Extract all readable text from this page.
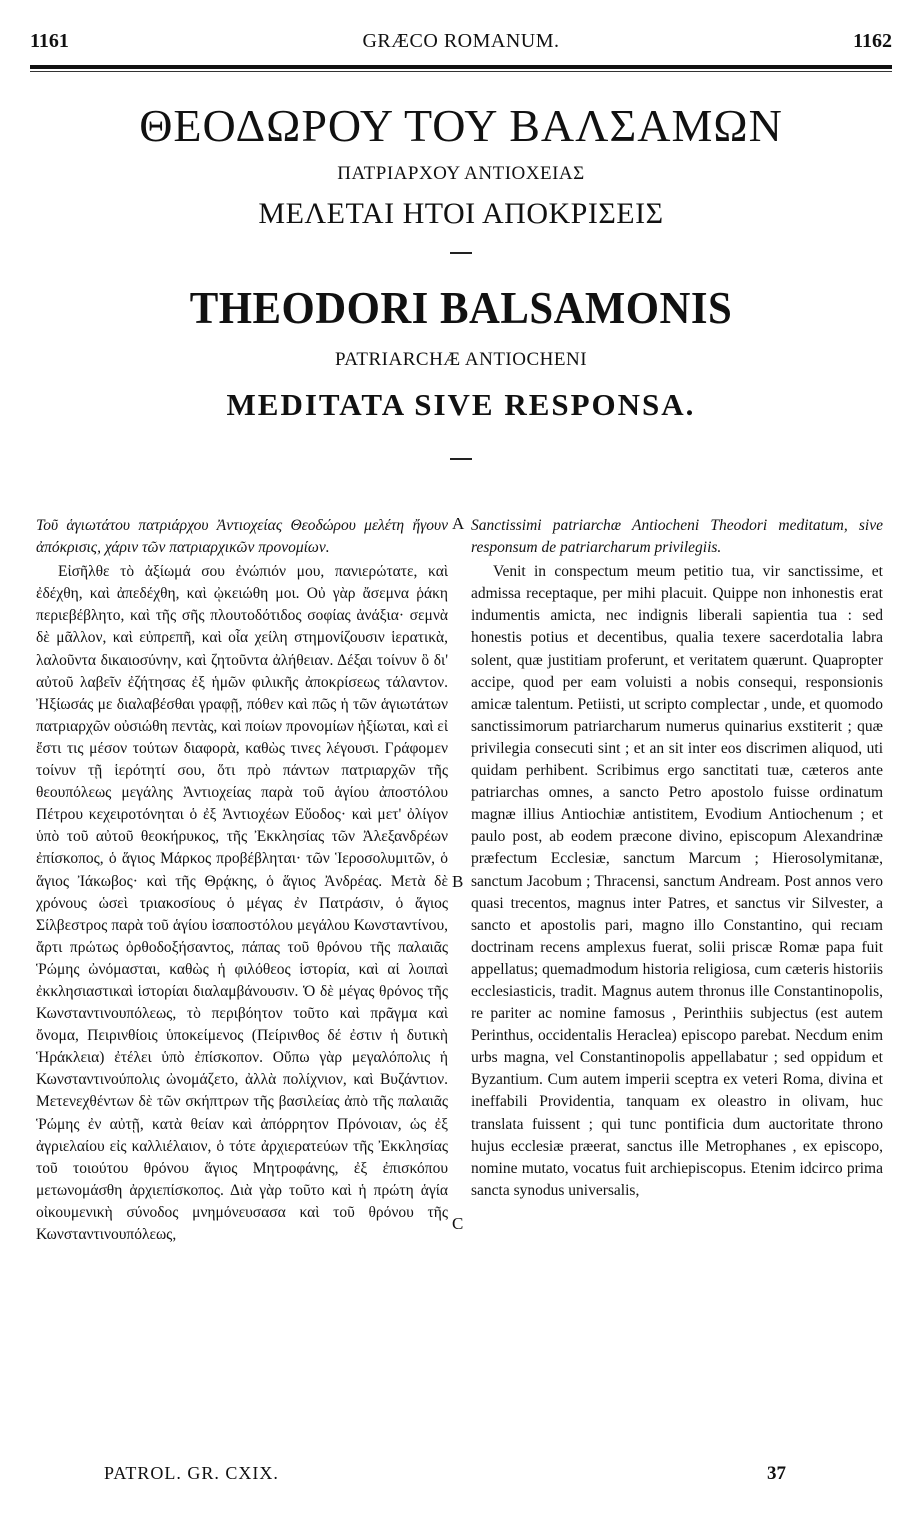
1161	GRÆCO ROMANUM.	1162
ΘΕΟΔΩΡΟΥ ΤΟΥ ΒΑΛΣΑΜΩΝ
ΠΑΤΡΙΑΡΧΟΥ ΑΝΤΙΟΧΕΙΑΣ
ΜΕΛΕΤΑΙ ΗΤΟΙ ΑΠΟΚΡΙΣΕΙΣ
THEODORI BALSAMONIS
PATRIARCHÆ ANTIOCHENI
MEDITATA SIVE RESPONSA.
Τοῦ ἁγιωτάτου πατριάρχου Ἀντιοχείας Θεοδώρου μελέτη ἤγουν ἀπόκρισις, χάριν τῶν πατριαρχικῶν προνομίων.

Εἰσῆλθε τὸ ἀξίωμά σου ἐνώπιόν μου, πανιερώτατε, καὶ ἐδέχθη, καὶ ἀπεδέχθη, καὶ ᾠκειώθη μοι. Οὐ γὰρ ἄσεμνα ῥάκη περιεβέβλητο, καὶ τῆς σῆς πλουτοδότιδος σοφίας ἀνάξια· σεμνὰ δὲ μᾶλλον, καὶ εὐπρεπῆ, καὶ οἷα χείλη στημονίζουσιν ἱερατικὰ, λαλοῦντα δικαιοσύνην, καὶ ζητοῦντα ἀλήθειαν. Δέξαι τοίνυν ὃ δι' αὐτοῦ λαβεῖν ἐζήτησας ἐξ ἡμῶν φιλικῆς ἀποκρίσεως τάλαντον. Ἠξίωσάς με διαλαβέσθαι γραφῇ, πόθεν καὶ πῶς ἡ τῶν ἁγιωτάτων πατριαρχῶν οὐσιώθη πεντὰς, καὶ ποίων προνομίων ἠξίωται, καὶ εἰ ἔστι τις μέσον τούτων διαφορὰ, καθὼς τινες λέγουσι. Γράφομεν τοίνυν τῇ ἱερότητί σου, ὅτι πρὸ πάντων πατριαρχῶν τῆς θεουπόλεως μεγάλης Ἀντιοχείας παρὰ τοῦ ἁγίου ἀποστόλου Πέτρου κεχειροτόνηται ὁ ἐξ Ἀντιοχέων Εὔοδος· καὶ μετ' ὀλίγον ὑπὸ τοῦ αὐτοῦ θεοκήρυκος, τῆς Ἐκκλησίας τῶν Ἀλεξανδρέων ἐπίσκοπος, ὁ ἅγιος Μάρκος προβέβληται· τῶν Ἱεροσολυμιτῶν, ὁ ἅγιος Ἰάκωβος· καὶ τῆς Θρᾴκης, ὁ ἅγιος Ἀνδρέας. Μετὰ δὲ χρόνους ὡσεὶ τριακοσίους ὁ μέγας ἐν Πατράσιν, ὁ ἅγιος Σίλβεστρος παρὰ τοῦ ἁγίου ἰσαποστόλου μεγάλου Κωνσταντίνου, ἄρτι πρώτως ὀρθοδοξήσαντος, πάπας τοῦ θρόνου τῆς παλαιᾶς Ῥώμης ὠνόμασται, καθὼς ἡ φιλόθεος ἱστορία, καὶ αἱ λοιπαὶ ἐκκλησιαστικαὶ ἱστορίαι διαλαμβάνουσιν. Ὁ δὲ μέγας θρόνος τῆς Κωνσταντινουπόλεως, τὸ περιβόητον τοῦτο καὶ πρᾶγμα καὶ ὄνομα, Πειρινθίοις ὑποκείμενος (Πείρινθος δέ ἐστιν ἡ δυτικὴ Ἡράκλεια) ἐτέλει ὑπὸ ἐπίσκοπον. Οὔπω γὰρ μεγαλόπολις ἡ Κωνσταντινούπολις ὠνομάζετο, ἀλλὰ πολίχνιον, καὶ Βυζάντιον. Μετενεχθέντων δὲ τῶν σκήπτρων τῆς βασιλείας ἀπὸ τῆς παλαιᾶς Ῥώμης ἐν αὐτῇ, κατὰ θείαν καὶ ἀπόρρητον Πρόνοιαν, ὡς ἐξ ἀγριελαίου εἰς καλλιέλαιον, ὁ τότε ἀρχιερατεύων τῆς Ἐκκλησίας τοῦ τοιούτου θρόνου ἅγιος Μητροφάνης, ἐξ ἐπισκόπου μετωνομάσθη ἀρχιεπίσκοπος. Διὰ γὰρ τοῦτο καὶ ἡ πρώτη ἁγία οἰκουμενικὴ σύνοδος μνημόνευσασα καὶ τοῦ θρόνου τῆς Κωνσταντινουπόλεως,

Sanctissimi patriarchæ Antiocheni Theodori meditatum, sive responsum de patriarcharum privilegiis.

Venit in conspectum meum petitio tua, vir sanctissime, et admissa receptaque, per mihi placuit. Quippe non inhonestis erat indumentis amicta, nec indignis liberali sapientia tua : sed honestis potius et decentibus, qualia texere sacerdotalia labra solent, quæ justitiam proferunt, et veritatem quærunt. Quapropter accipe, quod per eam voluisti a nobis consequi, responsionis amicæ talentum. Petiisti, ut scripto complectar , unde, et quomodo sanctissimorum patriarcharum numerus quinarius exstiterit ; quæ privilegia consecuti sint ; et an sit inter eos discrimen aliquod, uti quidam perhibent. Scribimus ergo sanctitati tuæ, cæteros ante patriarchas omnes, a sancto Petro apostolo fuisse ordinatum magnæ illius Antiochiæ antistitem, Evodium Antiochenum ; et paulo post, ab eodem præcone divino, episcopum Alexandrinæ præfectum Ecclesiæ, sanctum Marcum ; Hierosolymitanæ, sanctum Jacobum ; Thracensi, sanctum Andream. Post annos vero quasi trecentos, magnus inter Patres, et sanctus vir Silvester, a sancto et apostolis pari, magno illo Constantino, qui recıam doctrinam recens amplexus fuerat, solii priscæ Romæ papa fuit appellatus; quemadmodum historia religiosa, cum cæteris historiis ecclesiasticis, tradit. Magnus autem thronus ille Constantinopolis, re pariter ac nomine famosus , Perinthiis subjectus (est autem Perinthus, occidentalis Heraclea) episcopo parebat. Necdum enim urbs magna, vel Constantinopolis appellabatur ; sed oppidum et Byzantium. Cum autem imperii sceptra ex veteri Roma, divina et ineffabili Providentia, tanquam ex oleastro in olivam, huc translata fuissent ; qui tunc pontificia dum auctoritate throno hujus ecclesiæ præerat, sanctus ille Metrophanes , ex episcopo, nomine mutato, vocatus fuit archiepiscopus. Etenim idcirco prima sancta synodus universalis,

A
B
C
PATROL. GR. CXIX.	37
